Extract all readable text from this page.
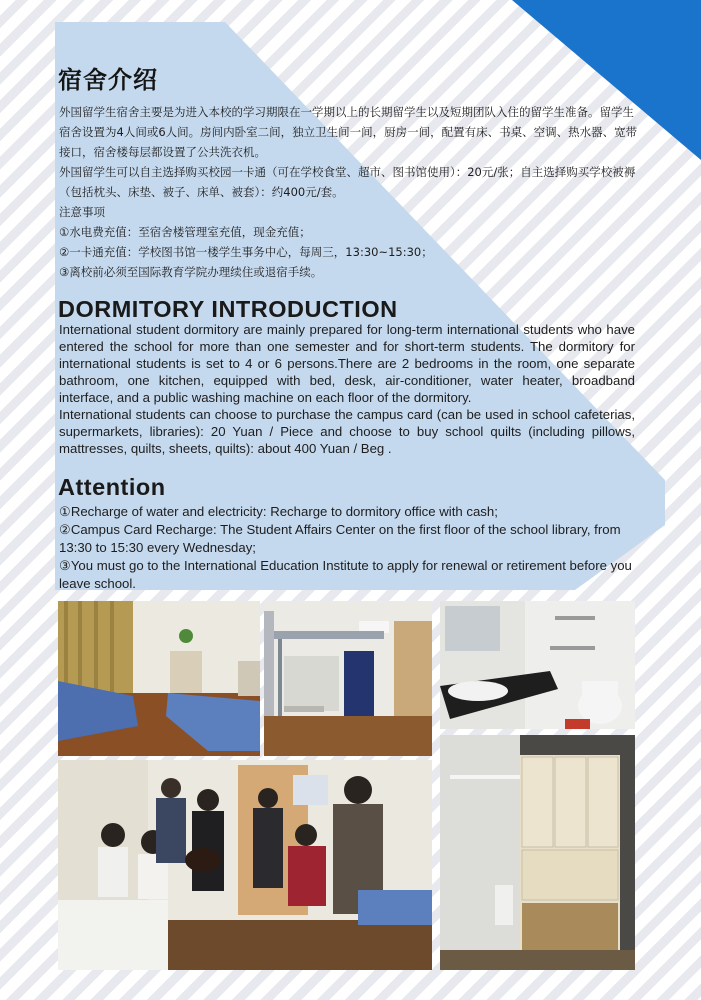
宿舍介绍

外国留学生宿舍主要是为进入本校的学习期限在一学期以上的长期留学生以及短期团队入住的留学生准备。留学生宿舍设置为4人间或6人间。房间内卧室二间，独立卫生间一间，厨房一间，配置有床、书桌、空调、热水器、宽带接口，宿舍楼每层都设置了公共洗衣机。

外国留学生可以自主选择购买校园一卡通（可在学校食堂、超市、图书馆使用）：20元/张；自主选择购买学校被褥（包括枕头、床垫、被子、床单、被套）：约400元/套。

注意事项

①水电费充值：至宿舍楼管理室充值，现金充值；

②一卡通充值：学校图书馆一楼学生事务中心，每周三，13:30~15:30；

③离校前必须至国际教育学院办理续住或退宿手续。

DORMITORY INTRODUCTION

International student dormitory are mainly prepared for long-term international students who have entered the school for more than one semester and for short-term students. The dormitory for international students is set to 4 or 6 persons.There are 2 bedrooms in the room, one separate bathroom, one kitchen, equipped with bed, desk, air-conditioner, water heater, broadband interface, and a public washing machine on each floor of the dormitory.

International students can choose to purchase the campus card (can be used in school cafeterias, supermarkets, libraries): 20 Yuan / Piece and choose to buy school quilts (including pillows, mattresses, quilts, sheets, quilts): about 400 Yuan / Beg .

Attention

①Recharge of water and electricity: Recharge to dormitory office with cash;

②Campus Card Recharge: The Student Affairs Center on the first floor of the school library, from 13:30 to 15:30 every Wednesday;

③You must go to the International Education Institute to apply for renewal or retirement before you leave school.
